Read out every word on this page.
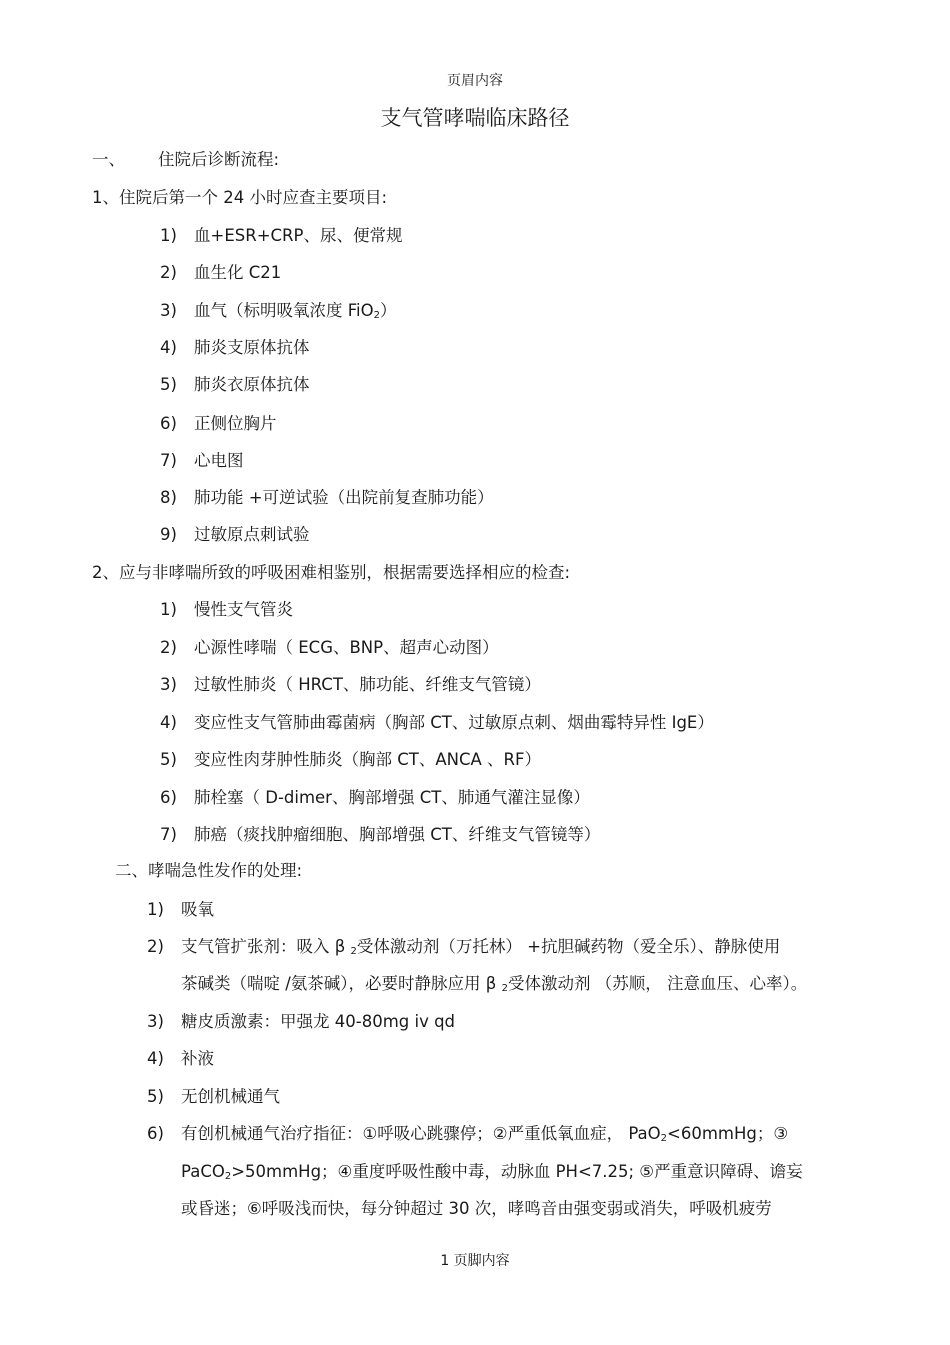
页眉内容
支气管哮喘临床路径
一、 住院后诊断流程:
1、住院后第一个 24 小时应查主要项目:
1) 血+ESR+CRP、尿、便常规
2) 血生化 C21
3) 血气（标明吸氧浓度 FiO$_2$）
4) 肺炎支原体抗体
5) 肺炎衣原体抗体
6) 正侧位胸片
7) 心电图
8) 肺功能 +可逆试验（出院前复查肺功能）
9) 过敏原点刺试验
2、应与非哮喘所致的呼吸困难相鉴别，根据需要选择相应的检查:
1) 慢性支气管炎
2) 心源性哮喘（ ECG、BNP、超声心动图）
3) 过敏性肺炎（ HRCT、肺功能、纤维支气管镜）
4) 变应性支气管肺曲霉菌病（胸部 CT、过敏原点刺、烟曲霉特异性 IgE）
5) 变应性肉芽肿性肺炎（胸部 CT、ANCA 、RF）
6) 肺栓塞（ D-dimer、胸部增强 CT、肺通气灌注显像）
7) 肺癌（痰找肿瘤细胞、胸部增强 CT、纤维支气管镜等）
二、哮喘急性发作的处理:
1) 吸氧
2) 支气管扩张剂：吸入 β $_2$受体激动剂（万托林） +抗胆碱药物（爱全乐）、静脉使用
茶碱类（喘啶 /氨茶碱），必要时静脉应用 β $_2$受体激动剂 （苏顺， 注意血压、心率）。
3) 糖皮质激素：甲强龙 40-80mg iv qd
4) 补液
5) 无创机械通气
6) 有创机械通气治疗指征：①呼吸心跳骤停；②严重低氧血症， PaO$_2$<60mmHg；③
PaCO$_2$>50mmHg；④重度呼吸性酸中毒，动脉血 PH<7.25; ⑤严重意识障碍、谵妄
或昏迷；⑥呼吸浅而快，每分钟超过 30 次，哮鸣音由强变弱或消失，呼吸机疲劳
1 页脚内容
